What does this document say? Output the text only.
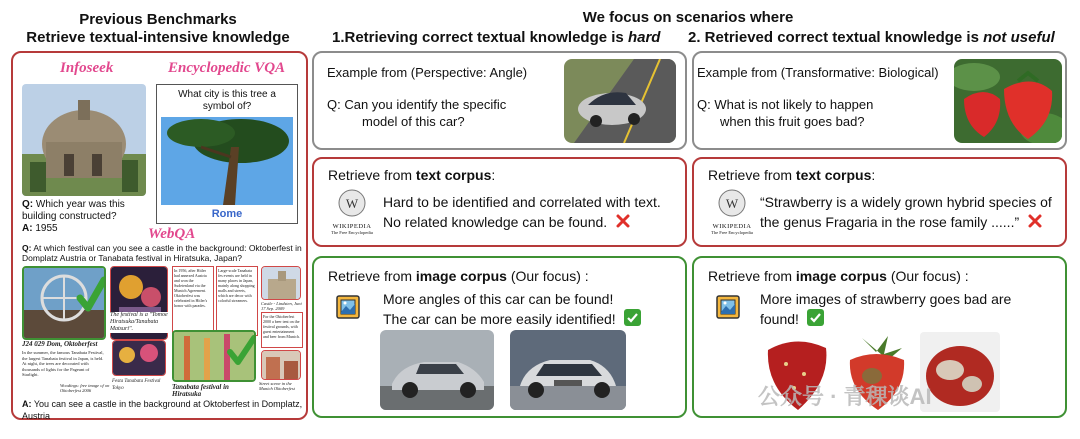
Previous Benchmarks
Retrieve textual-intensive knowledge
Infoseek
Q: Which year was this building constructed?
A: 1955
Encyclopedic VQA
What city is this tree a symbol of?
Rome
WebQA
Q: At which festival can you see a castle in the background: Oktoberfest in Domplatz Austria or Tanabata festival in Hiratsuka, Japan?
J24 029 Dom, Oktoberfest
The festival is a "Tomoe Hiratsuka/Tanabata Matsuri".
In 1956, after Hitler had annexed Austria and won the Sudetenland via the Munich Agreement. Oktoberfest was celebrated in Hitler's honor with parades.
Large-scale Tanabata fes events are held in many places in Japan, mainly along shopping malls and streets, which are decor with colorful streamers.
Castle - Lindsten, Juni 17 Sep. 2009
For the Oktoberfest 2000 a beer tent on the festival grounds, with guest entertainment and beer from Munich.
In the summer, the famous Tanabata Festival, the largest Tanabata festival in Japan, is held. At night, the trees are decorated with thousands of lights for the Pageant of Starlight.
Festa Tanabata Festival Tokyo	Tanabata festival in Hiratsuka
Street scene in the Munich Oktoberfest
Woodings: free image of on Oktoberfest 2006
A: You can see a castle in the background at Oktoberfest in Domplatz, Austria
We focus on scenarios where
1.Retrieving correct textual knowledge is hard
Example from (Perspective: Angle)
Q: Can you identify the specific
model of this car?
Retrieve from text corpus:
W
WIKIPEDIA
The Free Encyclopedia
Hard to be identified and correlated with text.
No related knowledge can be found.
Retrieve from image corpus (Our focus) :
More angles of this car can be found!
The car can be more easily identified!
2. Retrieved correct textual knowledge is not useful
Example from (Transformative: Biological)
Q: What is not likely to happen
when this fruit goes bad?
Retrieve from text corpus:
W
WIKIPEDIA
The Free Encyclopedia
“Strawberry is a widely grown hybrid species of
the genus Fragaria in the rose family ......”
Retrieve from image corpus (Our focus) :
More images of strawberry goes bad are
found!
公众号 · 青稞谈AI
